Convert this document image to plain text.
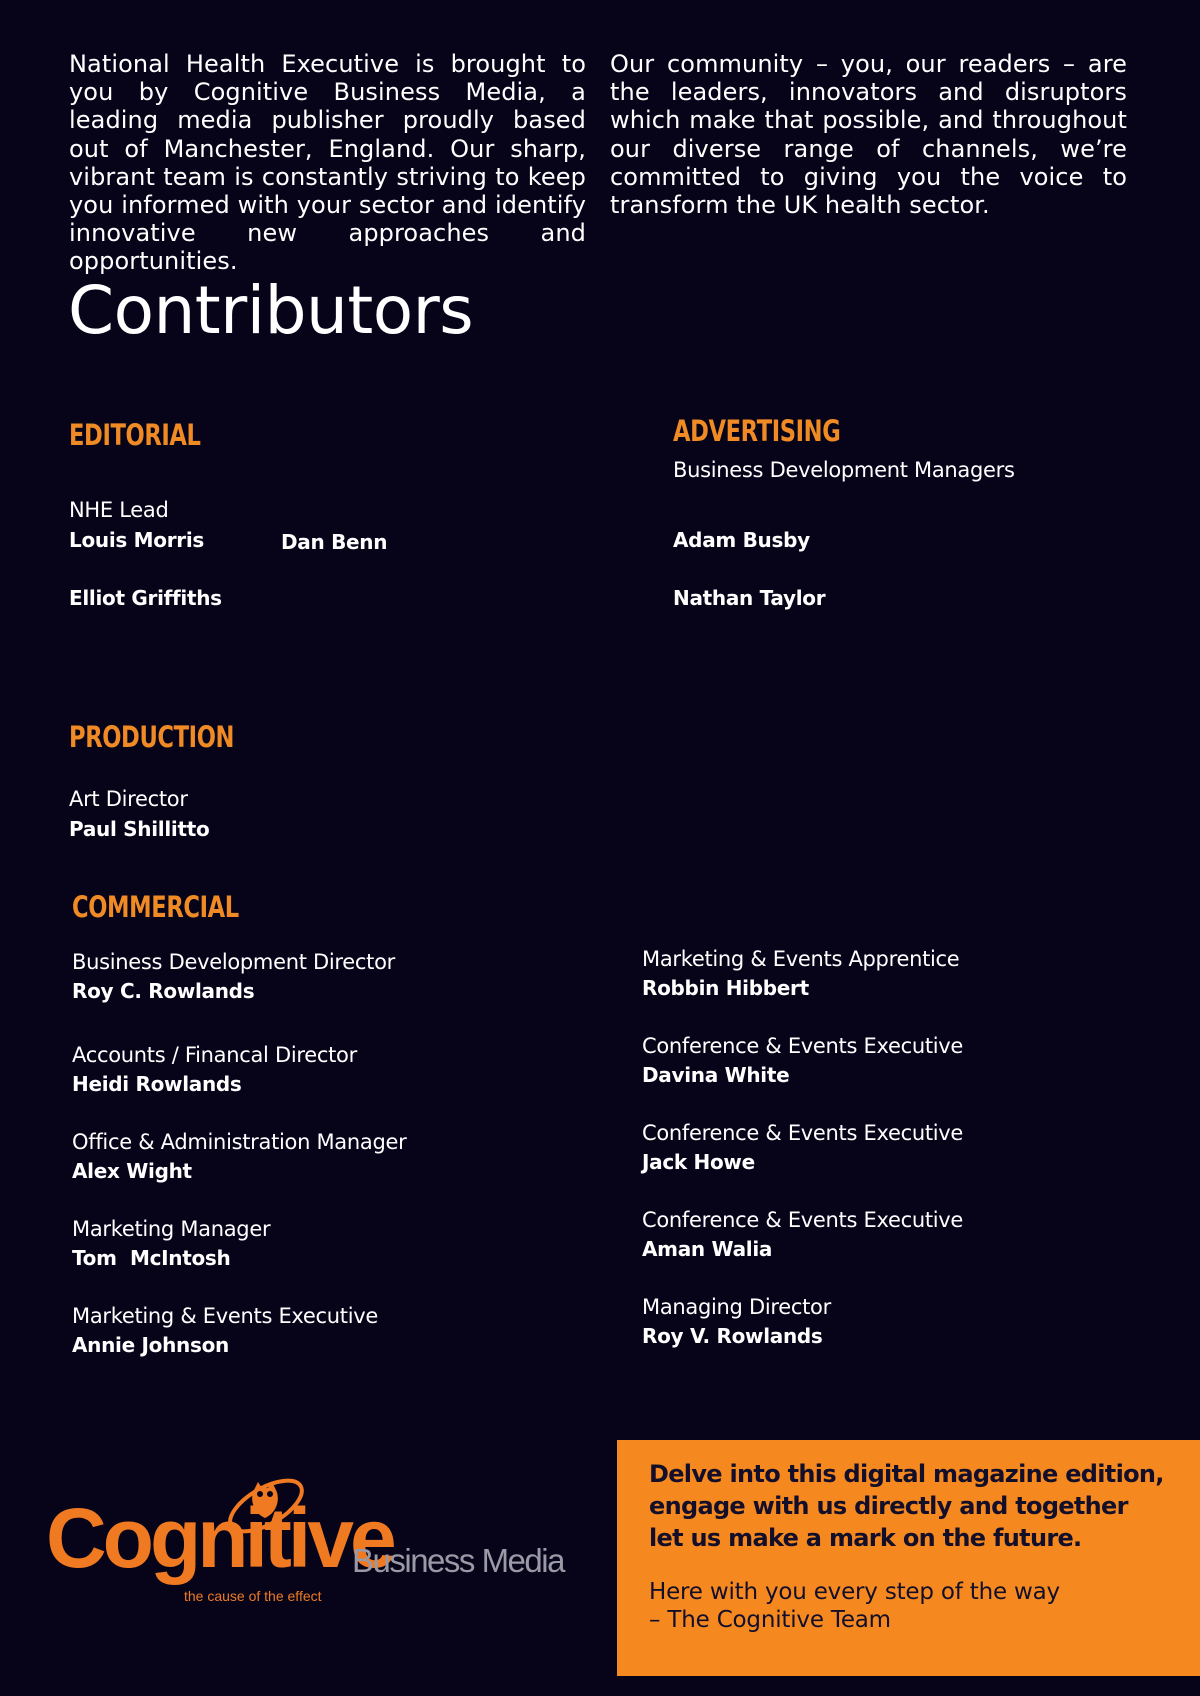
National Health Executive is brought to you by Cognitive Business Media, a leading media publisher proudly based out of Manchester, England. Our sharp, vibrant team is constantly striving to keep you informed with your sector and identify innovative new approaches and opportunities.

Our community – you, our readers – are the leaders, innovators and disruptors which make that possible, and throughout our diverse range of channels, we’re committed to giving you the voice to transform the UK health sector.

Contributors
EDITORIAL
NHE Lead
Louis Morris	Dan Benn
Elliot Griffiths
ADVERTISING
Business Development Managers
Adam Busby
Nathan Taylor
PRODUCTION
Art Director
Paul Shillitto
COMMERCIAL
Business Development Director
Roy C. Rowlands
Accounts / Financal Director
Heidi Rowlands
Office & Administration Manager
Alex Wight
Marketing Manager
Tom  McIntosh
Marketing & Events Executive
Annie Johnson
Marketing & Events Apprentice
Robbin Hibbert
Conference & Events Executive
Davina White
Conference & Events Executive
Jack Howe
Conference & Events Executive
Aman Walia
Managing Director
Roy V. Rowlands
Cognitive
Business Media
the cause of the effect
Delve into this digital magazine edition, engage with us directly and together let us make a mark on the future.
Here with you every step of the way
– The Cognitive Team
